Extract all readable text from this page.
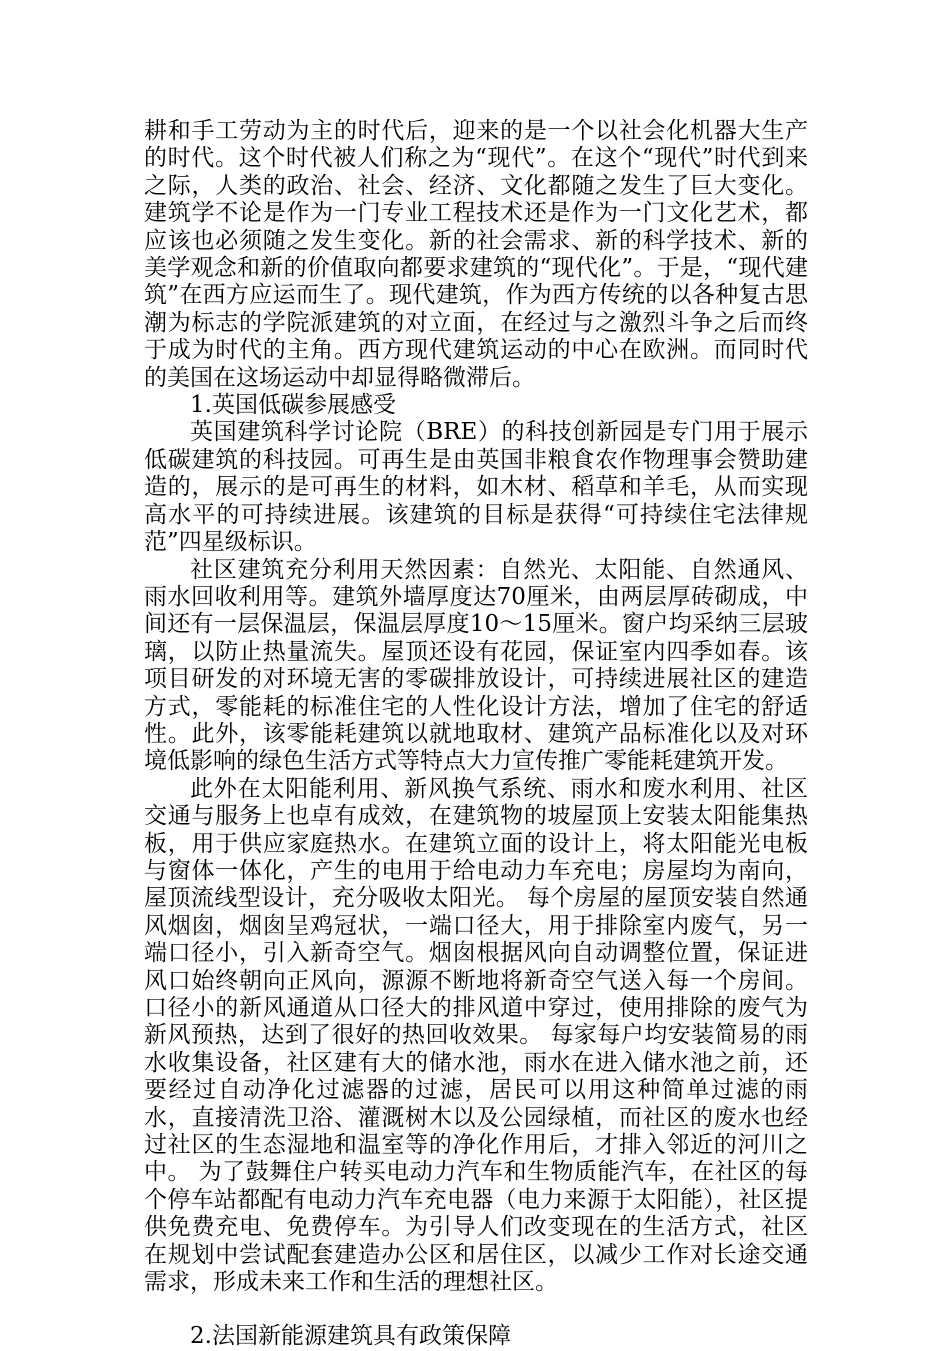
耕和手工劳动为主的时代后，迎来的是一个以社会化机器大生产的时代。这个时代被人们称之为“现代”。在这个“现代”时代到来之际，人类的政治、社会、经济、文化都随之发生了巨大变化。建筑学不论是作为一门专业工程技术还是作为一门文化艺术，都应该也必须随之发生变化。新的社会需求、新的科学技术、新的美学观念和新的价值取向都要求建筑的“现代化”。于是，“现代建筑”在西方应运而生了。现代建筑，作为西方传统的以各种复古思潮为标志的学院派建筑的对立面，在经过与之激烈斗争之后而终于成为时代的主角。西方现代建筑运动的中心在欧洲。而同时代的美国在这场运动中却显得略微滞后。

1.英国低碳参展感受

英国建筑科学讨论院（BRE）的科技创新园是专门用于展示低碳建筑的科技园。可再生是由英国非粮食农作物理事会赞助建造的，展示的是可再生的材料，如木材、稻草和羊毛，从而实现高水平的可持续进展。该建筑的目标是获得“可持续住宅法律规范”四星级标识。

社区建筑充分利用天然因素：自然光、太阳能、自然通风、雨水回收利用等。建筑外墙厚度达70厘米，由两层厚砖砌成，中间还有一层保温层，保温层厚度10～15厘米。窗户均采纳三层玻璃，以防止热量流失。屋顶还设有花园，保证室内四季如春。该项目研发的对环境无害的零碳排放设计，可持续进展社区的建造方式，零能耗的标准住宅的人性化设计方法，增加了住宅的舒适性。此外，该零能耗建筑以就地取材、建筑产品标准化以及对环境低影响的绿色生活方式等特点大力宣传推广零能耗建筑开发。

此外在太阳能利用、新风换气系统、雨水和废水利用、社区交通与服务上也卓有成效，在建筑物的坡屋顶上安装太阳能集热板，用于供应家庭热水。在建筑立面的设计上，将太阳能光电板与窗体一体化，产生的电用于给电动力车充电；房屋均为南向，屋顶流线型设计，充分吸收太阳光。 每个房屋的屋顶安装自然通风烟囱，烟囱呈鸡冠状，一端口径大，用于排除室内废气，另一端口径小，引入新奇空气。烟囱根据风向自动调整位置，保证进风口始终朝向正风向，源源不断地将新奇空气送入每一个房间。口径小的新风通道从口径大的排风道中穿过，使用排除的废气为新风预热，达到了很好的热回收效果。 每家每户均安装简易的雨水收集设备，社区建有大的储水池，雨水在进入储水池之前，还要经过自动净化过滤器的过滤，居民可以用这种简单过滤的雨水，直接清洗卫浴、灌溉树木以及公园绿植，而社区的废水也经过社区的生态湿地和温室等的净化作用后，才排入邻近的河川之中。 为了鼓舞住户转买电动力汽车和生物质能汽车，在社区的每个停车站都配有电动力汽车充电器（电力来源于太阳能），社区提供免费充电、免费停车。为引导人们改变现在的生活方式，社区在规划中尝试配套建造办公区和居住区，以减少工作对长途交通需求，形成未来工作和生活的理想社区。

2.法国新能源建筑具有政策保障
